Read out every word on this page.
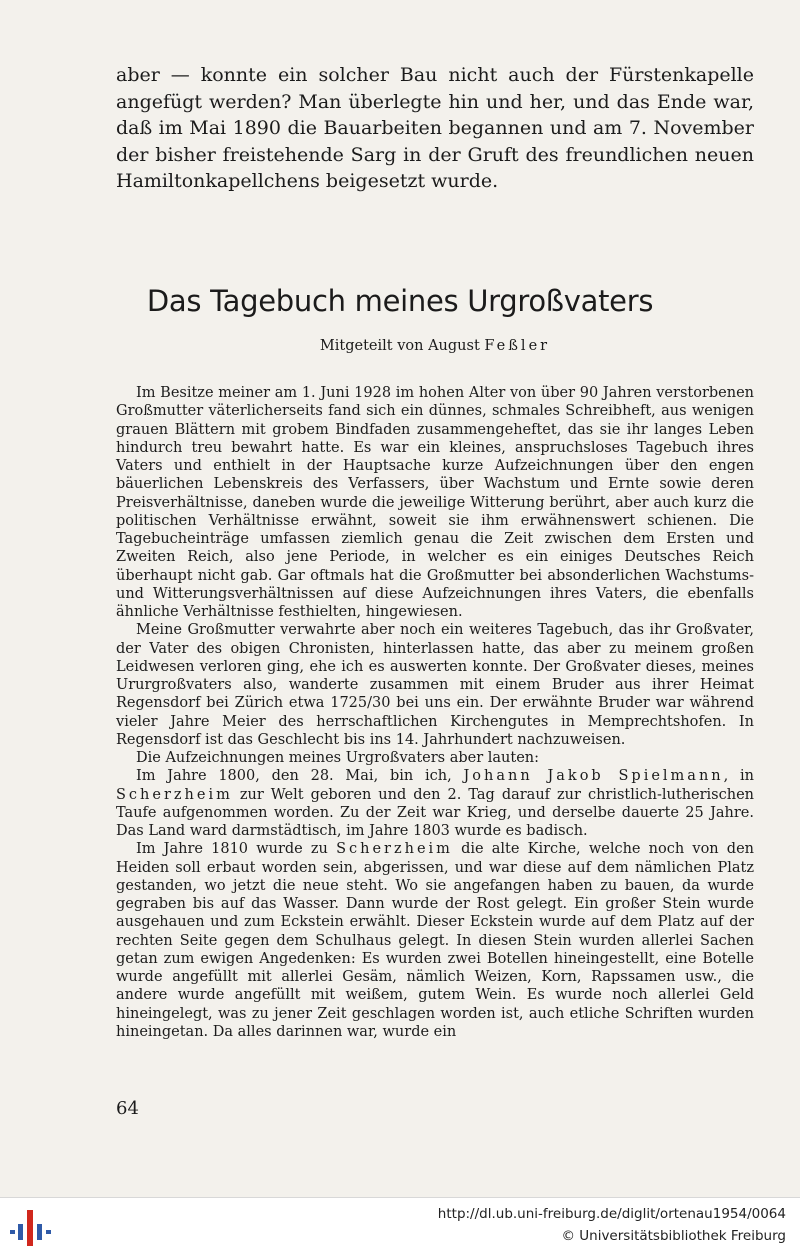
aber — konnte ein solcher Bau nicht auch der Fürstenkapelle angefügt werden? Man überlegte hin und her, und das Ende war, daß im Mai 1890 die Bauarbeiten begannen und am 7. November der bisher freistehende Sarg in der Gruft des freundlichen neuen Hamiltonkapellchens beigesetzt wurde.

Das Tagebuch meines Urgroßvaters

Mitgeteilt von August Feßler

Im Besitze meiner am 1. Juni 1928 im hohen Alter von über 90 Jahren verstorbenen Großmutter väterlicherseits fand sich ein dünnes, schmales Schreibheft, aus wenigen grauen Blättern mit grobem Bindfaden zusammengeheftet, das sie ihr langes Leben hindurch treu bewahrt hatte. Es war ein kleines, anspruchsloses Tagebuch ihres Vaters und enthielt in der Hauptsache kurze Aufzeichnungen über den engen bäuerlichen Lebenskreis des Verfassers, über Wachstum und Ernte sowie deren Preisverhältnisse, daneben wurde die jeweilige Witterung berührt, aber auch kurz die politischen Verhältnisse erwähnt, soweit sie ihm erwähnenswert schienen. Die Tagebucheinträge umfassen ziemlich genau die Zeit zwischen dem Ersten und Zweiten Reich, also jene Periode, in welcher es ein einiges Deutsches Reich überhaupt nicht gab. Gar oftmals hat die Großmutter bei absonderlichen Wachstums- und Witterungsverhältnissen auf diese Aufzeichnungen ihres Vaters, die ebenfalls ähnliche Verhältnisse festhielten, hingewiesen.

Meine Großmutter verwahrte aber noch ein weiteres Tagebuch, das ihr Großvater, der Vater des obigen Chronisten, hinterlassen hatte, das aber zu meinem großen Leidwesen verloren ging, ehe ich es auswerten konnte. Der Großvater dieses, meines Ururgroßvaters also, wanderte zusammen mit einem Bruder aus ihrer Heimat Regensdorf bei Zürich etwa 1725/30 bei uns ein. Der erwähnte Bruder war während vieler Jahre Meier des herrschaftlichen Kirchengutes in Memprechtshofen. In Regensdorf ist das Geschlecht bis ins 14. Jahrhundert nachzuweisen.

Die Aufzeichnungen meines Urgroßvaters aber lauten:

Im Jahre 1800, den 28. Mai, bin ich, Johann Jakob Spielmann, in Scherzheim zur Welt geboren und den 2. Tag darauf zur christlich-lutherischen Taufe aufgenommen worden. Zu der Zeit war Krieg, und derselbe dauerte 25 Jahre. Das Land ward darmstädtisch, im Jahre 1803 wurde es badisch.

Im Jahre 1810 wurde zu Scherzheim die alte Kirche, welche noch von den Heiden soll erbaut worden sein, abgerissen, und war diese auf dem nämlichen Platz gestanden, wo jetzt die neue steht. Wo sie angefangen haben zu bauen, da wurde gegraben bis auf das Wasser. Dann wurde der Rost gelegt. Ein großer Stein wurde ausgehauen und zum Eckstein erwählt. Dieser Eckstein wurde auf dem Platz auf der rechten Seite gegen dem Schulhaus gelegt. In diesen Stein wurden allerlei Sachen getan zum ewigen Angedenken: Es wurden zwei Botellen hineingestellt, eine Botelle wurde angefüllt mit allerlei Gesäm, nämlich Weizen, Korn, Rapssamen usw., die andere wurde angefüllt mit weißem, gutem Wein. Es wurde noch allerlei Geld hineingelegt, was zu jener Zeit geschlagen worden ist, auch etliche Schriften wurden hineingetan. Da alles darinnen war, wurde ein

64
http://dl.ub.uni-freiburg.de/diglit/ortenau1954/0064
© Universitätsbibliothek Freiburg
